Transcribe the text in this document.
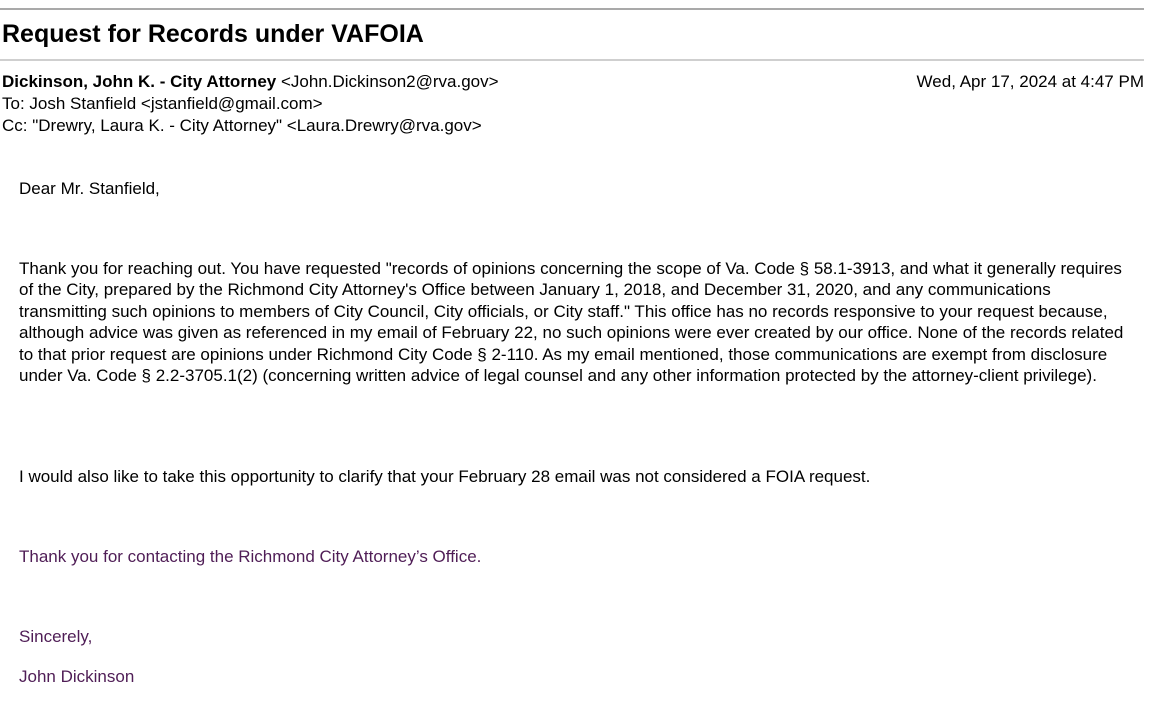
Request for Records under VAFOIA
Dickinson, John K. - City Attorney <John.Dickinson2@rva.gov>	Wed, Apr 17, 2024 at 4:47 PM
To: Josh Stanfield <jstanfield@gmail.com>
Cc: "Drewry, Laura K. - City Attorney" <Laura.Drewry@rva.gov>

Dear Mr. Stanfield,

Thank you for reaching out. You have requested "records of opinions concerning the scope of Va. Code § 58.1-3913, and what it generally requires of the City, prepared by the Richmond City Attorney's Office between January 1, 2018, and December 31, 2020, and any communications transmitting such opinions to members of City Council, City officials, or City staff." This office has no records responsive to your request because, although advice was given as referenced in my email of February 22, no such opinions were ever created by our office. None of the records related to that prior request are opinions under Richmond City Code § 2-110. As my email mentioned, those communications are exempt from disclosure under Va. Code § 2.2-3705.1(2) (concerning written advice of legal counsel and any other information protected by the attorney-client privilege).

I would also like to take this opportunity to clarify that your February 28 email was not considered a FOIA request.

Thank you for contacting the Richmond City Attorney’s Office.

Sincerely,

John Dickinson
